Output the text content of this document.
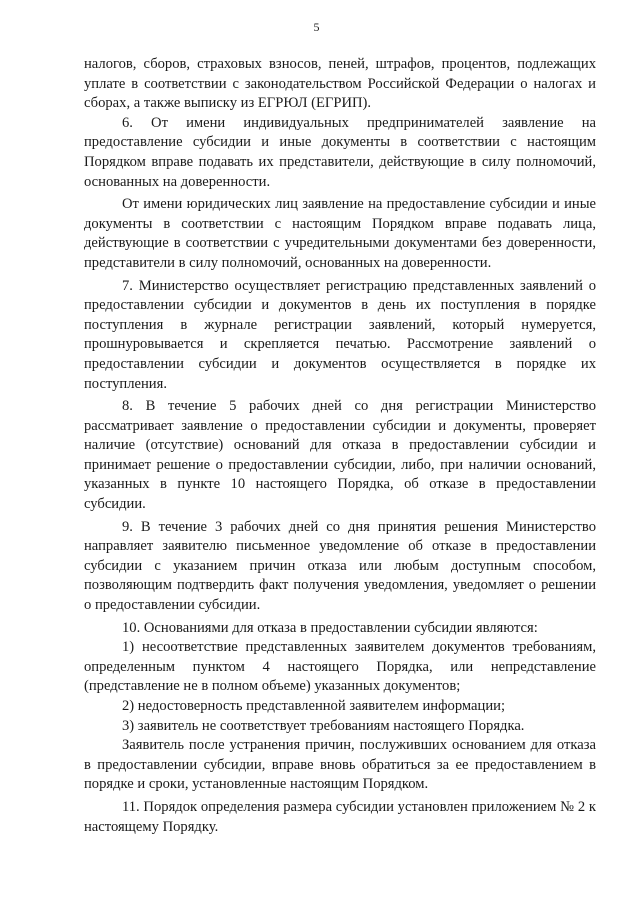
5

налогов, сборов, страховых взносов, пеней, штрафов, процентов, подлежащих уплате в соответствии с законодательством Российской Федерации о налогах и сборах, а также выписку из ЕГРЮЛ (ЕГРИП).

6. От имени индивидуальных предпринимателей заявление на предоставление субсидии и иные документы в соответствии с настоящим Порядком вправе подавать их представители, действующие в силу полномочий, основанных на доверенности.

От имени юридических лиц заявление на предоставление субсидии и иные документы в соответствии с настоящим Порядком вправе подавать лица, действующие в соответствии с учредительными документами без доверенности, представители в силу полномочий, основанных на доверенности.

7. Министерство осуществляет регистрацию представленных заявлений о предоставлении субсидии и документов в день их поступления в порядке поступления в журнале регистрации заявлений, который нумеруется, прошнуровывается и скрепляется печатью. Рассмотрение заявлений о предоставлении субсидии и документов осуществляется в порядке их поступления.

8. В течение 5 рабочих дней со дня регистрации Министерство рассматривает заявление о предоставлении субсидии и документы, проверяет наличие (отсутствие) оснований для отказа в предоставлении субсидии и принимает решение о предоставлении субсидии, либо, при наличии оснований, указанных в пункте 10 настоящего Порядка, об отказе в предоставлении субсидии.

9. В течение 3 рабочих дней со дня принятия решения Министерство направляет заявителю письменное уведомление об отказе в предоставлении субсидии с указанием причин отказа или любым доступным способом, позволяющим подтвердить факт получения уведомления, уведомляет о решении о предоставлении субсидии.

10. Основаниями для отказа в предоставлении субсидии являются:

1) несоответствие представленных заявителем документов требованиям, определенным пунктом 4 настоящего Порядка, или непредставление (представление не в полном объеме) указанных документов;

2) недостоверность представленной заявителем информации;

3) заявитель не соответствует требованиям настоящего Порядка.

Заявитель после устранения причин, послуживших основанием для отказа в предоставлении субсидии, вправе вновь обратиться за ее предоставлением в порядке и сроки, установленные настоящим Порядком.

11. Порядок определения размера субсидии установлен приложением № 2 к настоящему Порядку.
